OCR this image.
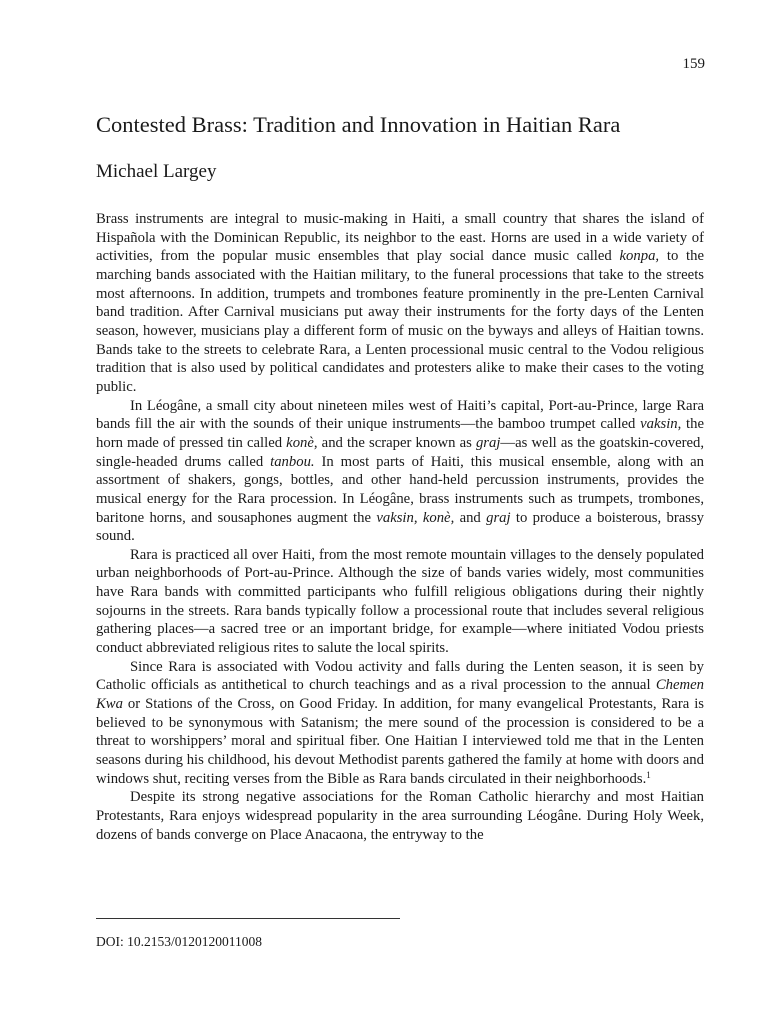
159
Contested Brass: Tradition and Innovation in Haitian Rara
Michael Largey

Brass instruments are integral to music-making in Haiti, a small country that shares the island of Hispañola with the Dominican Republic, its neighbor to the east. Horns are used in a wide variety of activities, from the popular music ensembles that play social dance music called konpa, to the marching bands associated with the Haitian military, to the funeral processions that take to the streets most afternoons. In addition, trumpets and trombones feature prominently in the pre-Lenten Carnival band tradition. After Carnival musicians put away their instruments for the forty days of the Lenten season, however, musicians play a different form of music on the byways and alleys of Haitian towns. Bands take to the streets to celebrate Rara, a Lenten processional music central to the Vodou religious tradition that is also used by political candidates and protesters alike to make their cases to the voting public.

In Léogâne, a small city about nineteen miles west of Haiti’s capital, Port-au-Prince, large Rara bands fill the air with the sounds of their unique instruments—the bamboo trumpet called vaksin, the horn made of pressed tin called konè, and the scraper known as graj—as well as the goatskin-covered, single-headed drums called tanbou. In most parts of Haiti, this musical ensemble, along with an assortment of shakers, gongs, bottles, and other hand-held percussion instruments, provides the musical energy for the Rara procession. In Léogâne, brass instruments such as trumpets, trombones, baritone horns, and sousaphones augment the vaksin, konè, and graj to produce a boisterous, brassy sound.

Rara is practiced all over Haiti, from the most remote mountain villages to the densely populated urban neighborhoods of Port-au-Prince. Although the size of bands varies widely, most communities have Rara bands with committed participants who fulfill religious obligations during their nightly sojourns in the streets. Rara bands typically follow a processional route that includes several religious gathering places—a sacred tree or an important bridge, for example—where initiated Vodou priests conduct abbreviated religious rites to salute the local spirits.

Since Rara is associated with Vodou activity and falls during the Lenten season, it is seen by Catholic officials as antithetical to church teachings and as a rival procession to the annual Chemen Kwa or Stations of the Cross, on Good Friday. In addition, for many evangelical Protestants, Rara is believed to be synonymous with Satanism; the mere sound of the procession is considered to be a threat to worshippers’ moral and spiritual fiber. One Haitian I interviewed told me that in the Lenten seasons during his childhood, his devout Methodist parents gathered the family at home with doors and windows shut, reciting verses from the Bible as Rara bands circulated in their neighborhoods.$^1$

Despite its strong negative associations for the Roman Catholic hierarchy and most Haitian Protestants, Rara enjoys widespread popularity in the area surrounding Léogâne. During Holy Week, dozens of bands converge on Place Anacaona, the entryway to the

DOI: 10.2153/0120120011008
